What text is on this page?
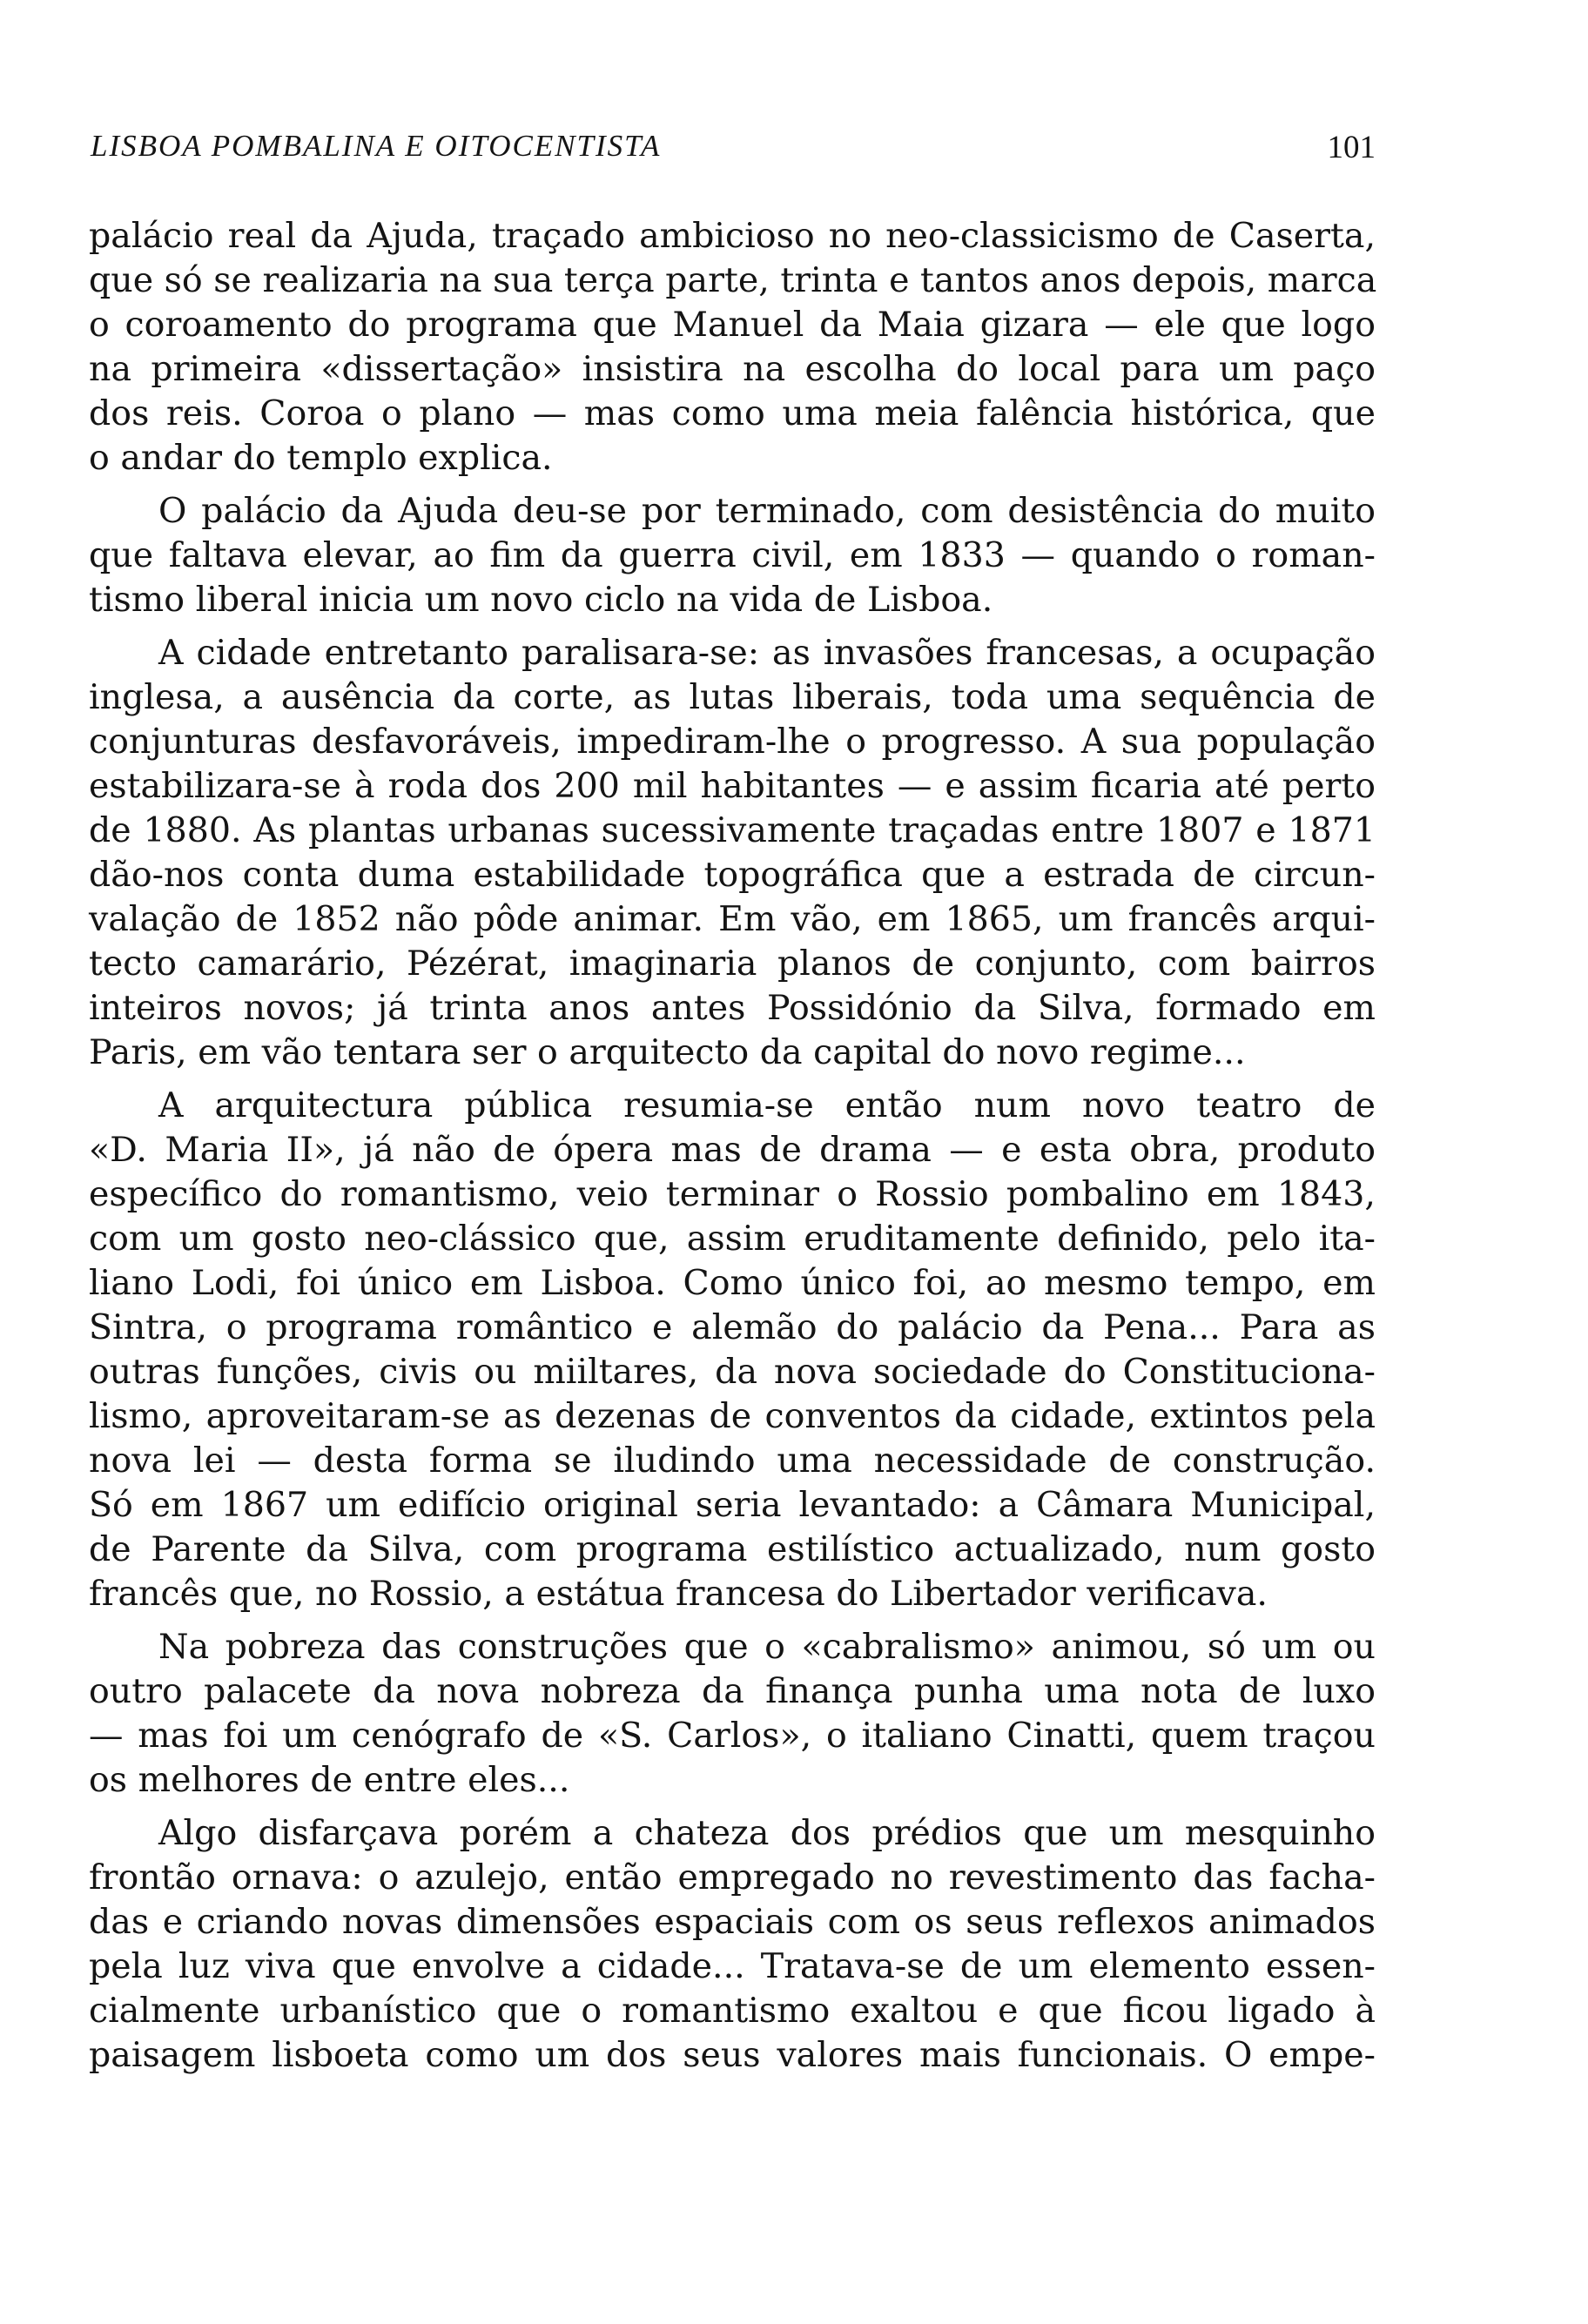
LISBOA POMBALINA E OITOCENTISTA	101
palácio real da Ajuda, traçado ambicioso no neo-classicismo de Caserta,
que só se realizaria na sua terça parte, trinta e tantos anos depois, marca
o coroamento do programa que Manuel da Maia gizara — ele que logo
na primeira «dissertação» insistira na escolha do local para um paço
dos reis. Coroa o plano — mas como uma meia falência histórica, que
o andar do templo explica.
O palácio da Ajuda deu-se por terminado, com desistência do muito
que faltava elevar, ao fim da guerra civil, em 1833 — quando o roman-
tismo liberal inicia um novo ciclo na vida de Lisboa.
A cidade entretanto paralisara-se: as invasões francesas, a ocupação
inglesa, a ausência da corte, as lutas liberais, toda uma sequência de
conjunturas desfavoráveis, impediram-lhe o progresso. A sua população
estabilizara-se à roda dos 200 mil habitantes — e assim ficaria até perto
de 1880. As plantas urbanas sucessivamente traçadas entre 1807 e 1871
dão-nos conta duma estabilidade topográfica que a estrada de circun-
valação de 1852 não pôde animar. Em vão, em 1865, um francês arqui-
tecto camarário, Pézérat, imaginaria planos de conjunto, com bairros
inteiros novos; já trinta anos antes Possidónio da Silva, formado em
Paris, em vão tentara ser o arquitecto da capital do novo regime...
A arquitectura pública resumia-se então num novo teatro de
«D. Maria II», já não de ópera mas de drama — e esta obra, produto
específico do romantismo, veio terminar o Rossio pombalino em 1843,
com um gosto neo-clássico que, assim eruditamente definido, pelo ita-
liano Lodi, foi único em Lisboa. Como único foi, ao mesmo tempo, em
Sintra, o programa romântico e alemão do palácio da Pena... Para as
outras funções, civis ou miiltares, da nova sociedade do Constituciona-
lismo, aproveitaram-se as dezenas de conventos da cidade, extintos pela
nova lei — desta forma se iludindo uma necessidade de construção.
Só em 1867 um edifício original seria levantado: a Câmara Municipal,
de Parente da Silva, com programa estilístico actualizado, num gosto
francês que, no Rossio, a estátua francesa do Libertador verificava.
Na pobreza das construções que o «cabralismo» animou, só um ou
outro palacete da nova nobreza da finança punha uma nota de luxo
— mas foi um cenógrafo de «S. Carlos», o italiano Cinatti, quem traçou
os melhores de entre eles...
Algo disfarçava porém a chateza dos prédios que um mesquinho
frontão ornava: o azulejo, então empregado no revestimento das facha-
das e criando novas dimensões espaciais com os seus reflexos animados
pela luz viva que envolve a cidade... Tratava-se de um elemento essen-
cialmente urbanístico que o romantismo exaltou e que ficou ligado à
paisagem lisboeta como um dos seus valores mais funcionais. O empe-
